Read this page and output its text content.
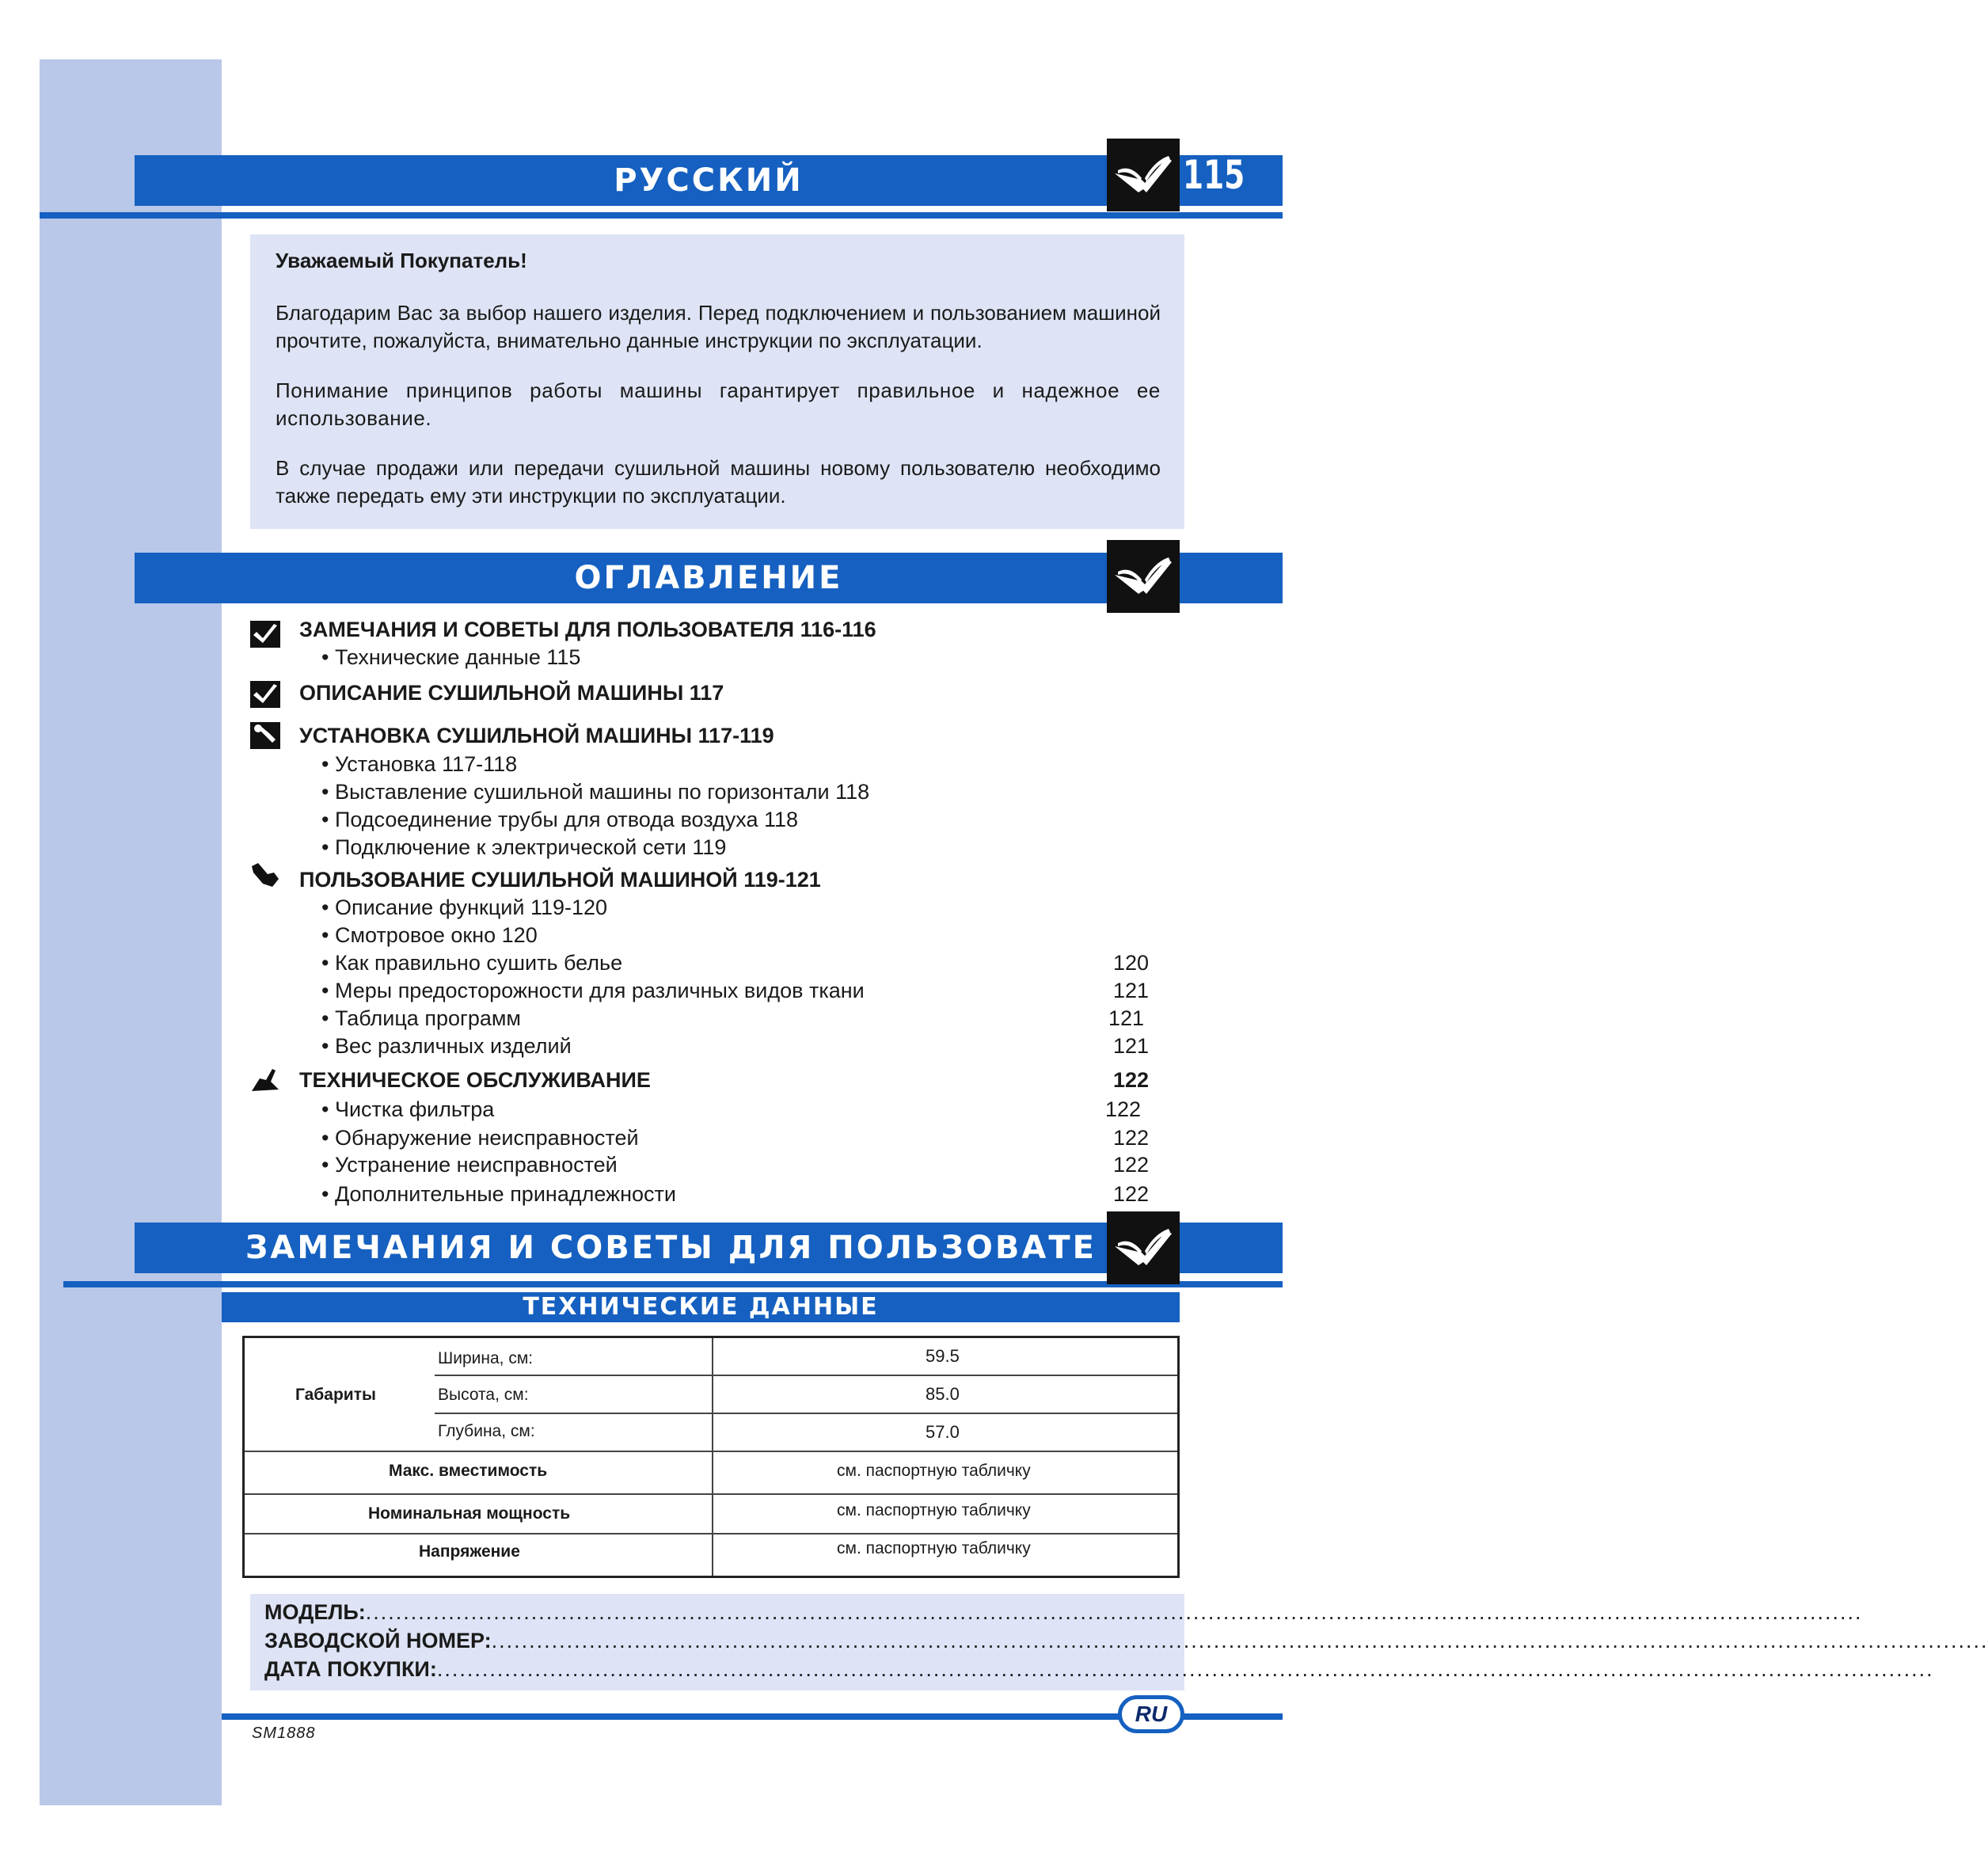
РУССКИЙ	115
Уважаемый Покупатель!

Благодарим Вас за выбор нашего изделия. Перед подключением и пользованием машиной прочтите, пожалуйста, внимательно данные инструкции по эксплуатации.

Понимание принципов работы машины гарантирует правильное и надежное ее использование.

В случае продажи или передачи сушильной машины новому пользователю необходимо также передать ему эти инструкции по эксплуатации.

ОГЛАВЛЕНИЕ
ЗАМЕЧАНИЯ И СОВЕТЫ ДЛЯ ПОЛЬЗОВАТЕЛЯ 116-116
• Технические данные 115
ОПИСАНИЕ СУШИЛЬНОЙ МАШИНЫ 117
УСТАНОВКА СУШИЛЬНОЙ МАШИНЫ 117-119
• Установка 117-118
• Выставление сушильной машины по горизонтали 118
• Подсоединение трубы для отвода воздуха 118
• Подключение к электрической сети 119
ПОЛЬЗОВАНИЕ СУШИЛЬНОЙ МАШИНОЙ 119-121
• Описание функций 119-120
• Смотровое окно 120
• Как правильно сушить белье	120
• Меры предосторожности для различных видов ткани	121
• Таблица программ	121
• Вес различных изделий	121
ТЕХНИЧЕСКОЕ ОБСЛУЖИВАНИЕ	122
• Чистка фильтра	122
• Обнаружение неисправностей	122
• Устранение неисправностей	122
• Дополнительные принадлежности	122
ЗАМЕЧАНИЯ И СОВЕТЫ ДЛЯ ПОЛЬЗОВАТЕ
ТЕХНИЧЕСКИЕ ДАННЫЕ
Габариты
Ширина, см:	59.5
Высота, см:	85.0
Глубина, см:	57.0
Макс. вместимость	см. паспортную табличку
Номинальная мощность	см. паспортную табличку
Напряжение	см. паспортную табличку
МОДЕЛЬ:.......................................................................................................................................................................................................
ЗАВОДСКОЙ НОМЕР:.......................................................................................................................................................................................................
ДАТА ПОКУПКИ:.......................................................................................................................................................................................................
RU
SM1888
